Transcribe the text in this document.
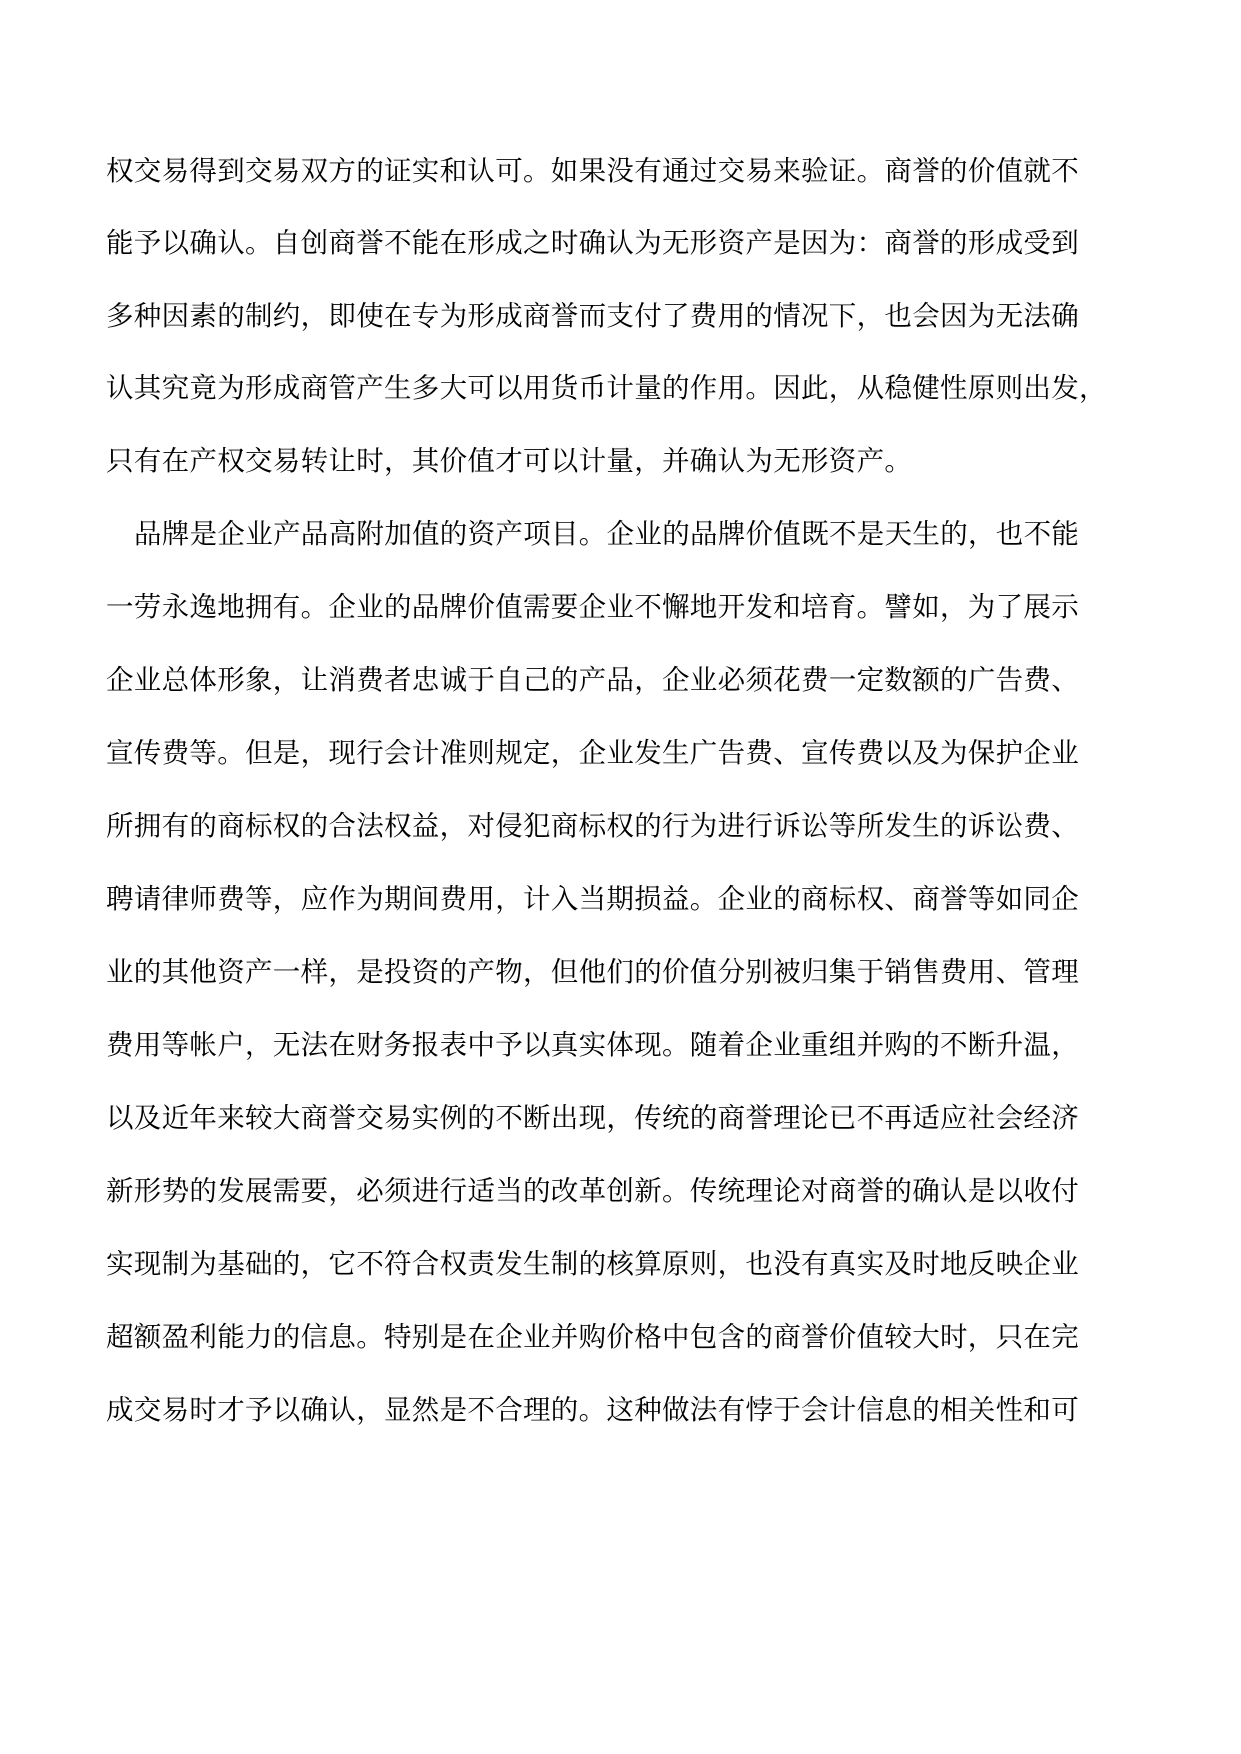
权交易得到交易双方的证实和认可。如果没有通过交易来验证。商誉的价值就不
能予以确认。自创商誉不能在形成之时确认为无形资产是因为：商誉的形成受到
多种因素的制约，即使在专为形成商誉而支付了费用的情况下，也会因为无法确
认其究竟为形成商管产生多大可以用货币计量的作用。因此，从稳健性原则出发，
只有在产权交易转让时，其价值才可以计量，并确认为无形资产。
品牌是企业产品高附加值的资产项目。企业的品牌价值既不是天生的，也不能
一劳永逸地拥有。企业的品牌价值需要企业不懈地开发和培育。譬如，为了展示
企业总体形象，让消费者忠诚于自己的产品，企业必须花费一定数额的广告费、
宣传费等。但是，现行会计准则规定，企业发生广告费、宣传费以及为保护企业
所拥有的商标权的合法权益，对侵犯商标权的行为进行诉讼等所发生的诉讼费、
聘请律师费等，应作为期间费用，计入当期损益。企业的商标权、商誉等如同企
业的其他资产一样，是投资的产物，但他们的价值分别被归集于销售费用、管理
费用等帐户，无法在财务报表中予以真实体现。随着企业重组并购的不断升温，
以及近年来较大商誉交易实例的不断出现，传统的商誉理论已不再适应社会经济
新形势的发展需要，必须进行适当的改革创新。传统理论对商誉的确认是以收付
实现制为基础的，它不符合权责发生制的核算原则，也没有真实及时地反映企业
超额盈利能力的信息。特别是在企业并购价格中包含的商誉价值较大时，只在完
成交易时才予以确认，显然是不合理的。这种做法有悖于会计信息的相关性和可
